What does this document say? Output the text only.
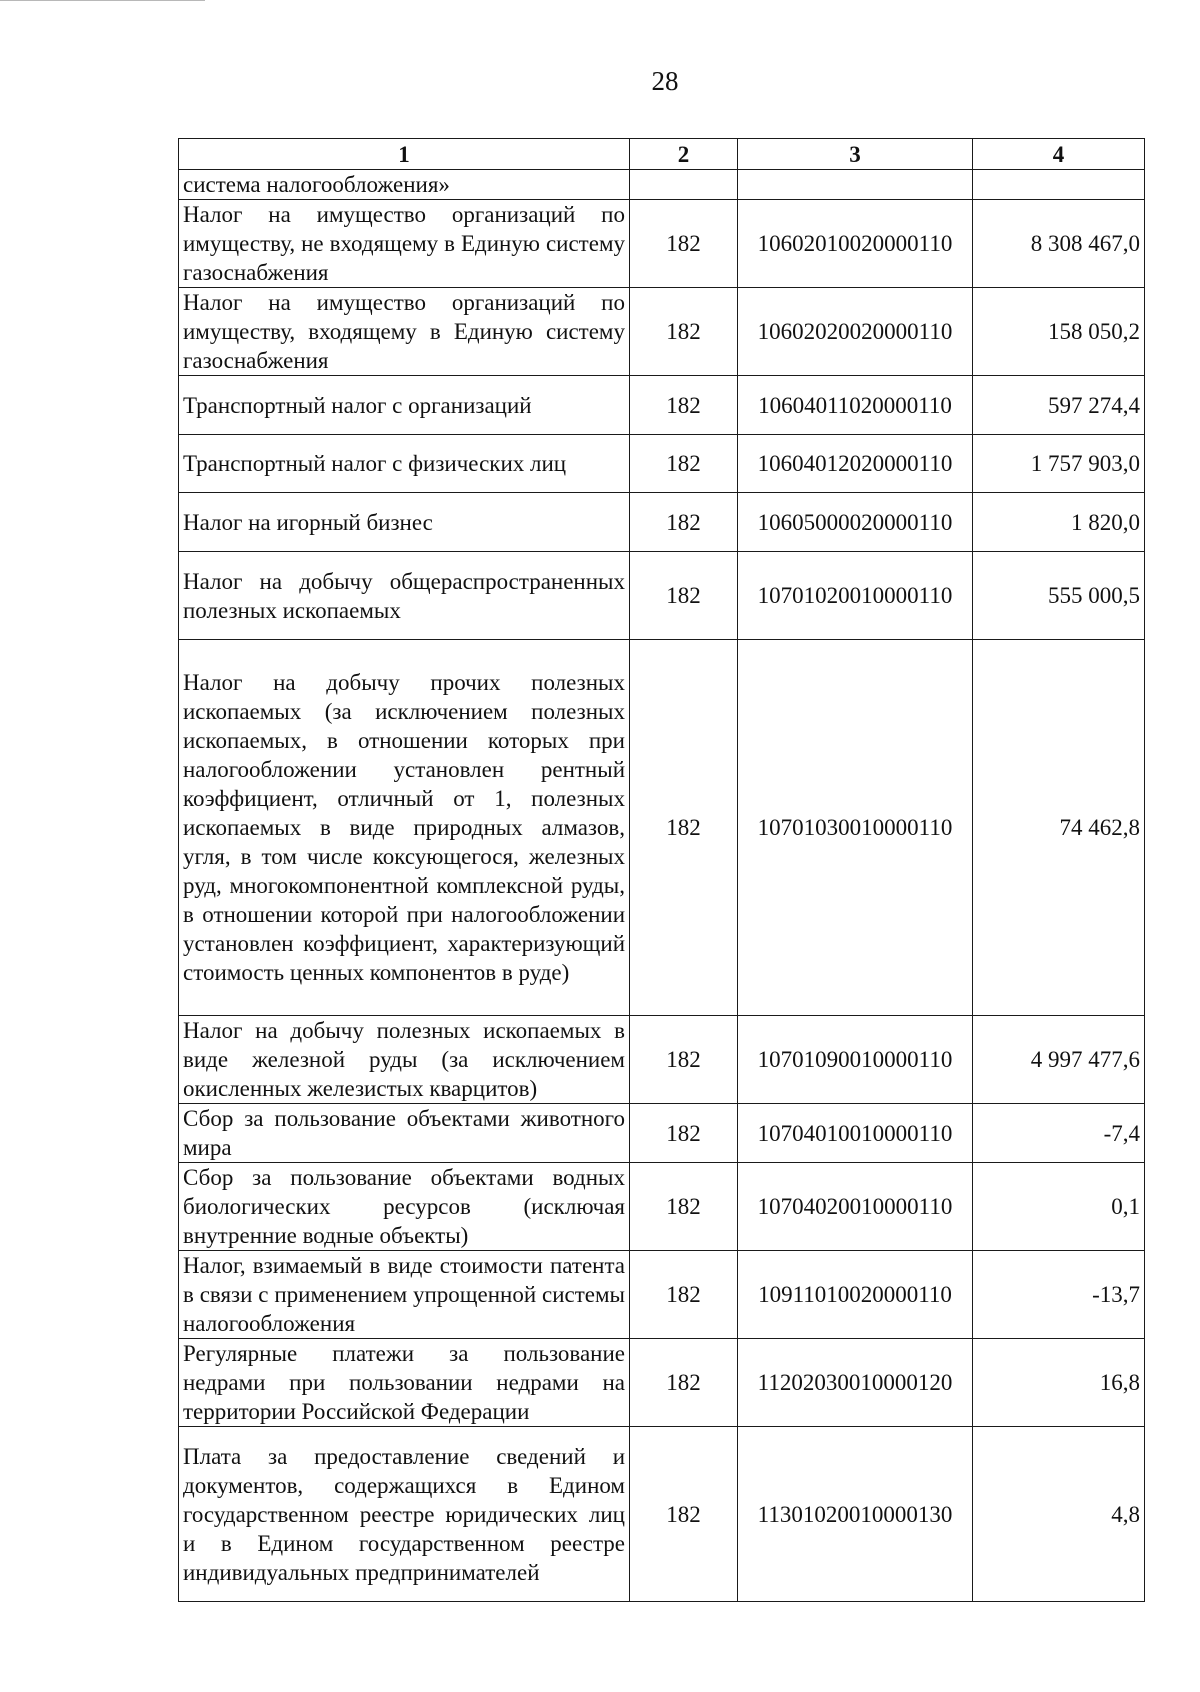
28
1	2	3	4
система налогообложения»			
Налог на имущество организаций по имуществу, не входящему в Единую систему газоснабжения	182	10602010020000110	8 308 467,0
Налог на имущество организаций по имуществу, входящему в Единую систему газоснабжения	182	10602020020000110	158 050,2
Транспортный налог с организаций	182	10604011020000110	597 274,4
Транспортный налог с физических лиц	182	10604012020000110	1 757 903,0
Налог на игорный бизнес	182	10605000020000110	1 820,0
Налог на добычу общераспространенных полезных ископаемых	182	10701020010000110	555 000,5
Налог на добычу прочих полезных ископаемых (за исключением полезных ископаемых, в отношении которых при налогообложении установлен рентный коэффициент, отличный от 1, полезных ископаемых в виде природных алмазов, угля, в том числе коксующегося, железных руд, многокомпонентной комплексной руды, в отношении которой при налогообложении установлен коэффициент, характеризующий стоимость ценных компонентов в руде)	182	10701030010000110	74 462,8
Налог на добычу полезных ископаемых в виде железной руды (за исключением окисленных железистых кварцитов)	182	10701090010000110	4 997 477,6
Сбор за пользование объектами животного мира	182	10704010010000110	-7,4
Сбор за пользование объектами водных биологических ресурсов (исключая внутренние водные объекты)	182	10704020010000110	0,1
Налог, взимаемый в виде стоимости патента в связи с применением упрощенной системы налогообложения	182	10911010020000110	-13,7
Регулярные платежи за пользование недрами при пользовании недрами на территории Российской Федерации	182	11202030010000120	16,8
Плата за предоставление сведений и документов, содержащихся в Едином государственном реестре юридических лиц и в Едином государственном реестре индивидуальных предпринимателей	182	11301020010000130	4,8
